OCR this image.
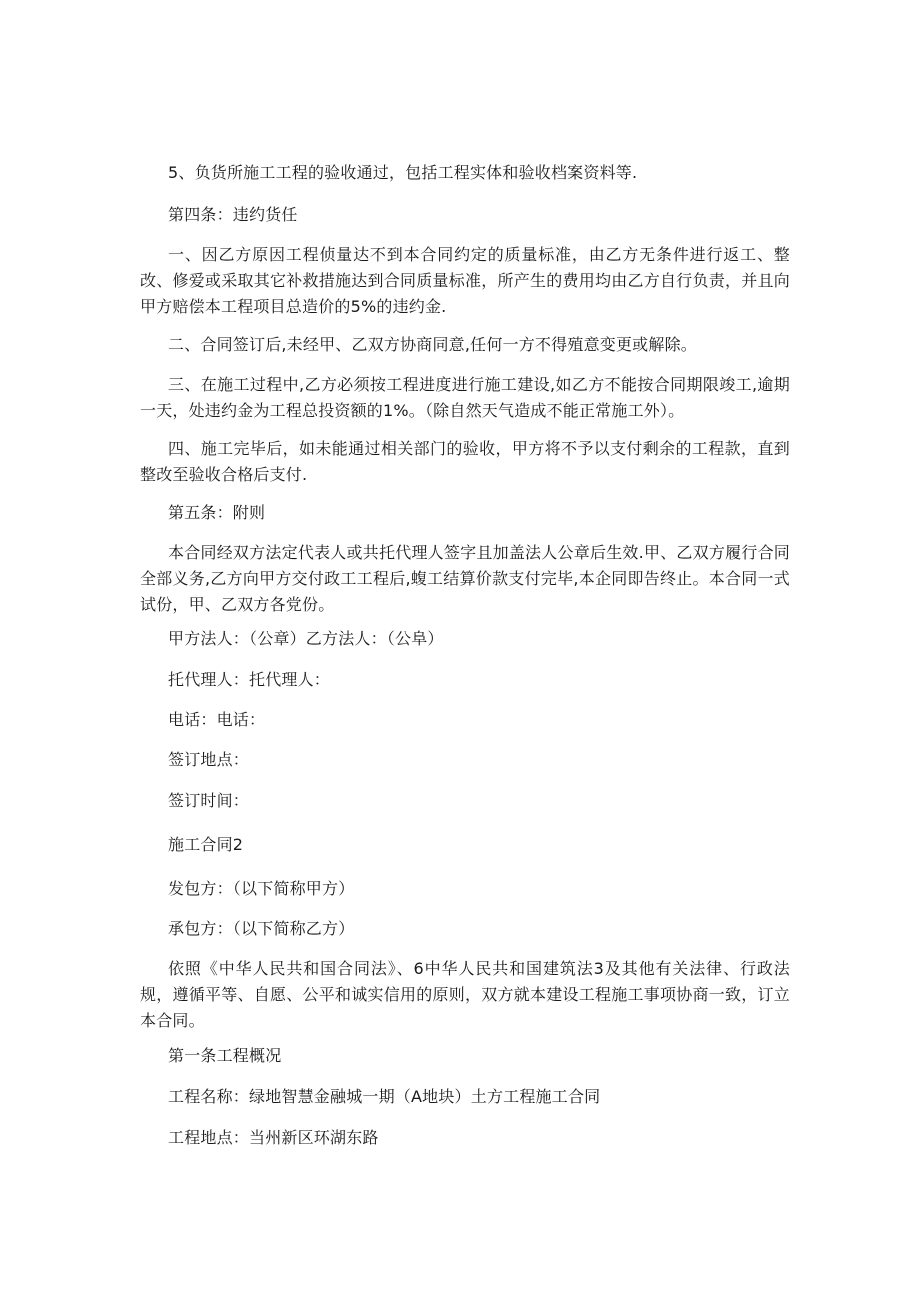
5、负货所施工工程的验收通过，包括工程实体和验收档案资料等.

第四条：违约货任

一、因乙方原因工程侦量达不到本合同约定的质量标准，由乙方无条件进行返工、整改、修爱或采取其它补救措施达到合同质量标准，所产生的费用均由乙方自行负责，并且向甲方赔偿本工程项目总造价的5%的违约金.

二、合同签订后,未经甲、乙双方协商同意,任何一方不得殖意变更或解除。

三、在施工过程中,乙方必须按工程进度进行施工建设,如乙方不能按合同期限竣工,逾期一天，处违约金为工程总投资额的1%。（除自然天气造成不能正常施工外）。

四、施工完毕后，如未能通过相关部门的验收，甲方将不予以支付剩余的工程款，直到整改至验收合格后支付.

第五条：附则

本合同经双方法定代表人或共托代理人签字且加盖法人公章后生效.甲、乙双方履行合同全部义务,乙方向甲方交付政工工程后,蝮工结算价款支付完毕,本企同即告终止。本合同一式试份，甲、乙双方各党份。

甲方法人：（公章）乙方法人：（公阜）

托代理人：托代理人：

电话：电话：

签订地点：

签订时间：

施工合同2

发包方：（以下简称甲方）

承包方：（以下简称乙方）

依照《中华人民共和国合同法》、6中华人民共和国建筑法3及其他有关法律、行政法规，遵循平等、自愿、公平和诚实信用的原则，双方就本建设工程施工事项协商一致，订立本合同。

第一条工程概况

工程名称：绿地智慧金融城一期（A地块）土方工程施工合同

工程地点：当州新区环湖东路
